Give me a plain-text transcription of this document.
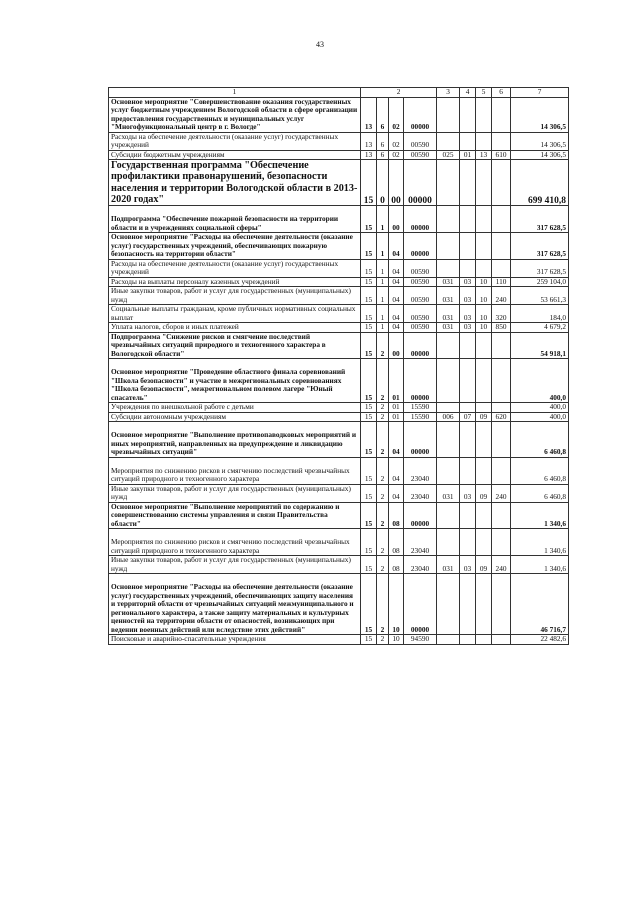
43
1	2				3	4	5	6	7
Основное мероприятие "Совершенствование оказания государственных услуг бюджетным учреждением Вологодской области в сфере организации предоставления государственных и муниципальных услуг "Многофункциональный центр в г. Вологде"	13	6	02	00000					14 306,5
Расходы на обеспечение деятельности (оказание услуг) государственных учреждений	13	6	02	00590					14 306,5
Субсидии бюджетным учреждениям	13	6	02	00590	025	01	13	610	14 306,5
Государственная программа "Обеспечение профилактики правонарушений, безопасности населения и территории Вологодской области в 2013-2020 годах"	15	0	00	00000					699 410,8
Подпрограмма "Обеспечение пожарной безопасности на территории области и в учреждениях социальной сферы"	15	1	00	00000					317 628,5
Основное мероприятие "Расходы на обеспечение деятельности (оказание услуг) государственных учреждений, обеспечивающих пожарную безопасность на территории области"	15	1	04	00000					317 628,5
Расходы на обеспечение деятельности (оказание услуг) государственных учреждений	15	1	04	00590					317 628,5
Расходы на выплаты персоналу казенных учреждений	15	1	04	00590	031	03	10	110	259 104,0
Иные закупки товаров, работ и услуг для государственных (муниципальных) нужд	15	1	04	00590	031	03	10	240	53 661,3
Социальные выплаты гражданам, кроме публичных нормативных социальных выплат	15	1	04	00590	031	03	10	320	184,0
Уплата налогов, сборов и иных платежей	15	1	04	00590	031	03	10	850	4 679,2
Подпрограмма "Снижение рисков и смягчение последствий чрезвычайных ситуаций природного и техногенного характера в Вологодской области"	15	2	00	00000					54 918,1
Основное мероприятие "Проведение областного финала соревнований "Школа безопасности" и участие в межрегиональных соревнованиях "Школа безопасности", межрегиональном полевом лагере "Юный спасатель"	15	2	01	00000					400,0
Учреждения по внешкольной работе с детьми	15	2	01	15590					400,0
Субсидии автономным учреждениям	15	2	01	15590	006	07	09	620	400,0
Основное мероприятие "Выполнение противопаводковых мероприятий и иных мероприятий, направленных на предупреждение и ликвидацию чрезвычайных ситуаций"	15	2	04	00000					6 460,8
Мероприятия по снижению рисков и смягчению последствий чрезвычайных ситуаций природного и техногенного характера	15	2	04	23040					6 460,8
Иные закупки товаров, работ и услуг для государственных (муниципальных) нужд	15	2	04	23040	031	03	09	240	6 460,8
Основное мероприятие "Выполнение мероприятий по содержанию и совершенствованию системы управления и связи Правительства области"	15	2	08	00000					1 340,6
Мероприятия по снижению рисков и смягчению последствий чрезвычайных ситуаций природного и техногенного характера	15	2	08	23040					1 340,6
Иные закупки товаров, работ и услуг для государственных (муниципальных) нужд	15	2	08	23040	031	03	09	240	1 340,6
Основное мероприятие "Расходы на обеспечение деятельности (оказание услуг) государственных учреждений, обеспечивающих защиту населения и территорий области от чрезвычайных ситуаций межмуниципального и регионального характера, а также защиту материальных и культурных ценностей на территории области от опасностей, возникающих при ведении военных действий или вследствие этих действий"	15	2	10	00000					46 716,7
Поисковые и аварийно-спасательные учреждения	15	2	10	94590					22 482,6
